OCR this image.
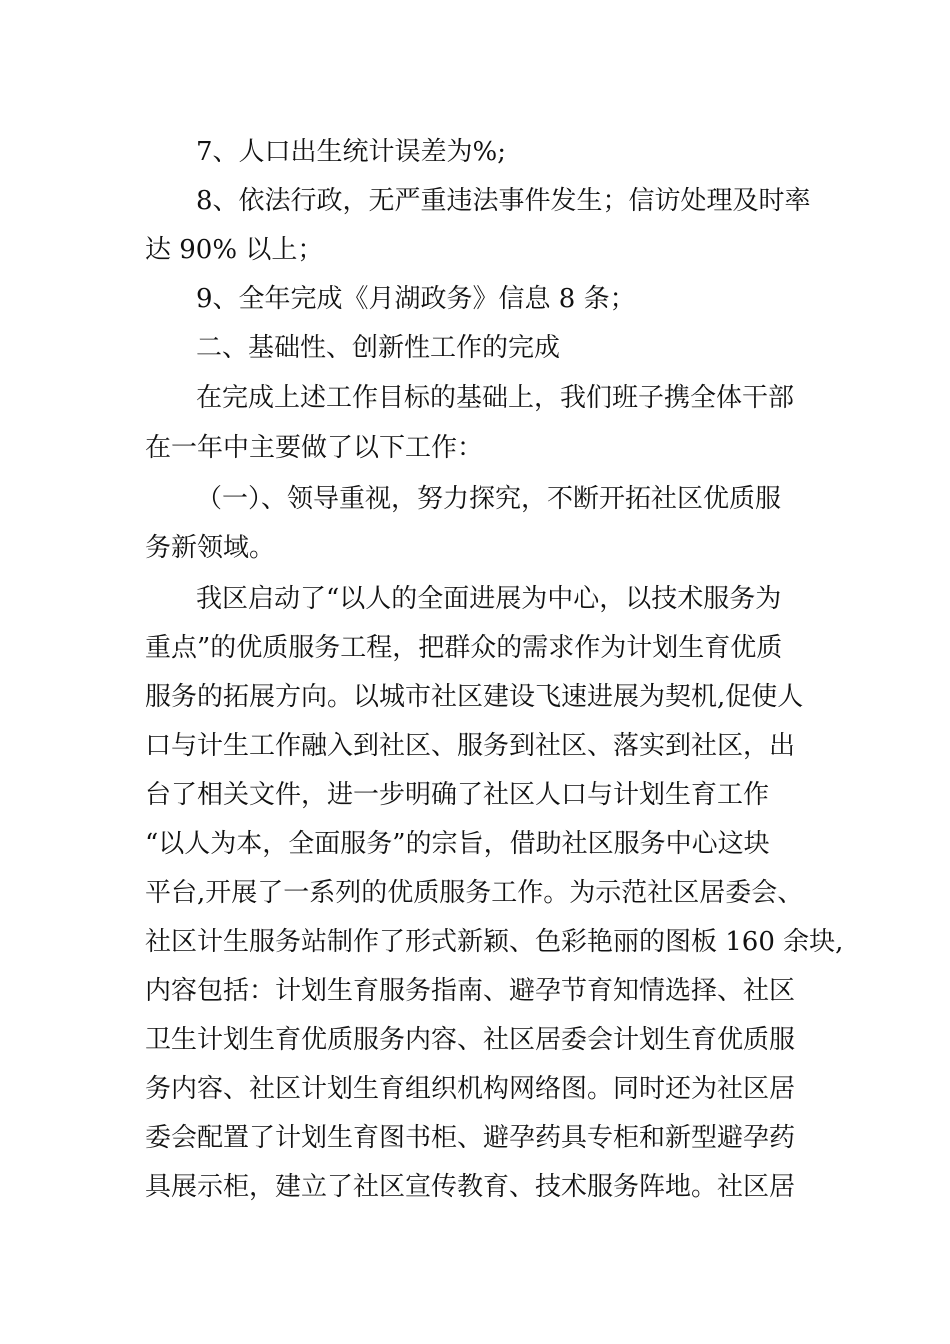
7、人口出生统计误差为%;
8、依法行政，无严重违法事件发生；信访处理及时率
达 90% 以上；
9、全年完成《月湖政务》信息 8 条；
二、基础性、创新性工作的完成
在完成上述工作目标的基础上，我们班子携全体干部
在一年中主要做了以下工作：
（一）、领导重视，努力探究，不断开拓社区优质服
务新领域。
我区启动了“以人的全面进展为中心，以技术服务为
重点”的优质服务工程，把群众的需求作为计划生育优质
服务的拓展方向。以城市社区建设飞速进展为契机,促使人
口与计生工作融入到社区、服务到社区、落实到社区，出
台了相关文件，进一步明确了社区人口与计划生育工作
“以人为本，全面服务”的宗旨，借助社区服务中心这块
平台,开展了一系列的优质服务工作。为示范社区居委会、
社区计生服务站制作了形式新颖、色彩艳丽的图板 160 余块,
内容包括：计划生育服务指南、避孕节育知情选择、社区
卫生计划生育优质服务内容、社区居委会计划生育优质服
务内容、社区计划生育组织机构网络图。同时还为社区居
委会配置了计划生育图书柜、避孕药具专柜和新型避孕药
具展示柜，建立了社区宣传教育、技术服务阵地。社区居
